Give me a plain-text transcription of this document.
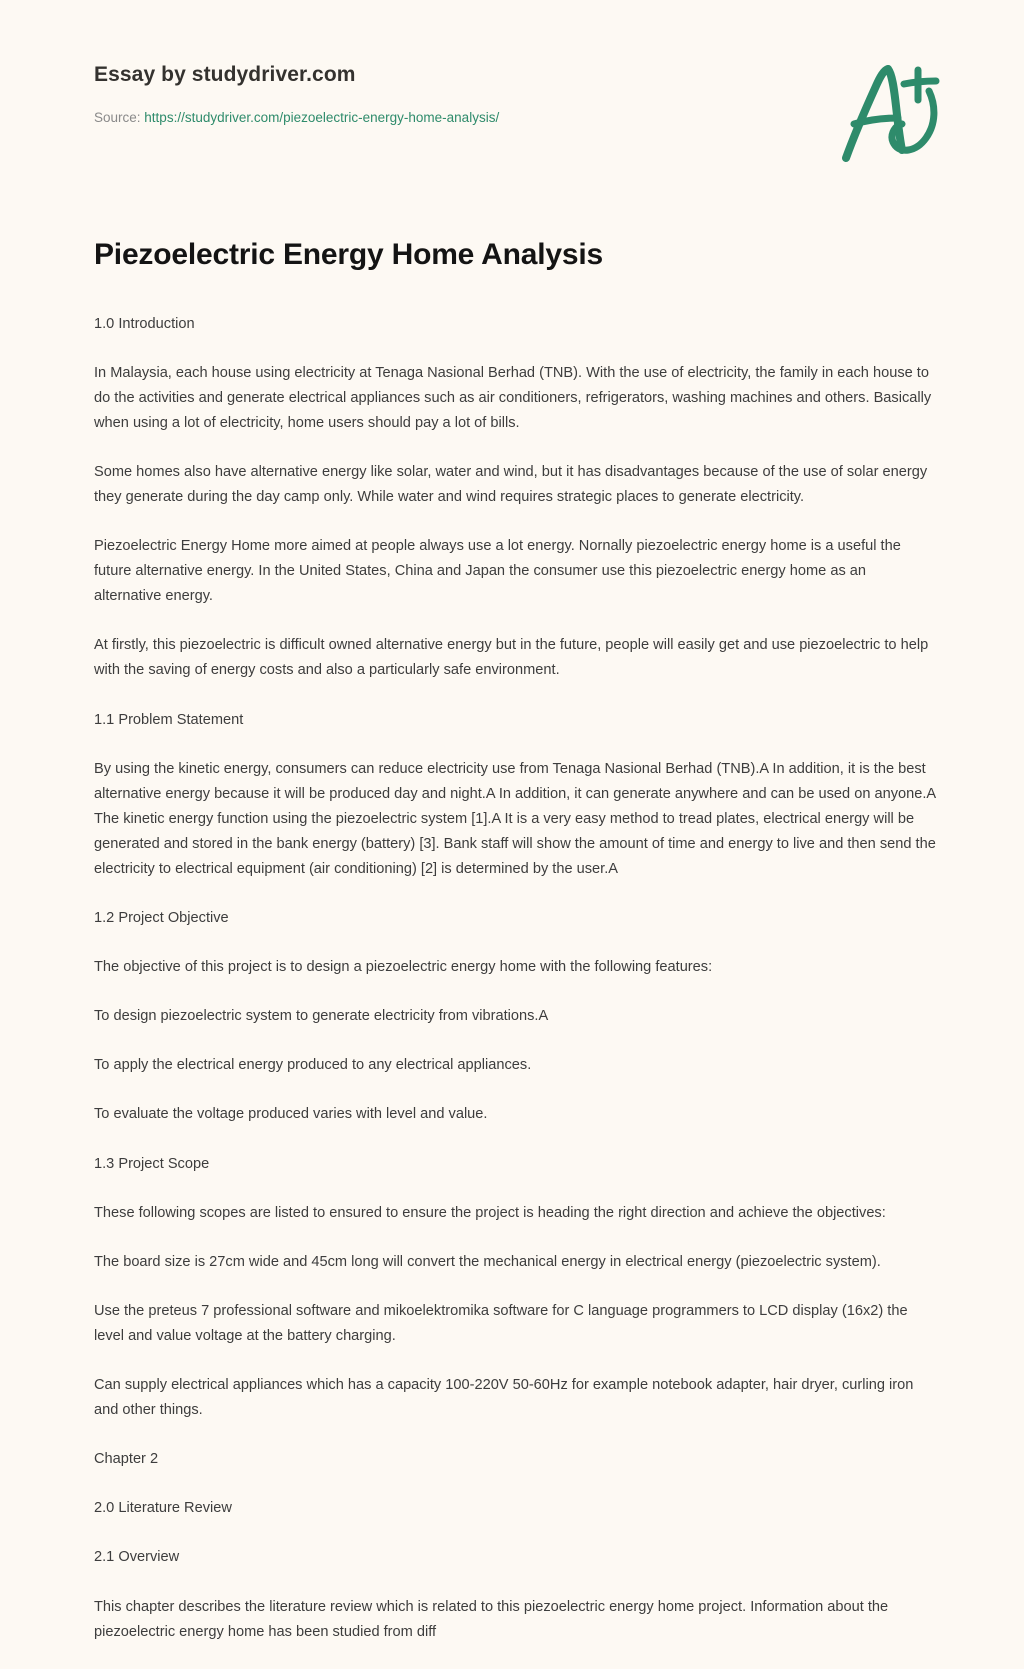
Essay by studydriver.com
Source: https://studydriver.com/piezoelectric-energy-home-analysis/
Piezoelectric Energy Home Analysis

1.0 Introduction

In Malaysia, each house using electricity at Tenaga Nasional Berhad (TNB). With the use of electricity, the family in each house to do the activities and generate electrical appliances such as air conditioners, refrigerators, washing machines and others. Basically when using a lot of electricity, home users should pay a lot of bills.

Some homes also have alternative energy like solar, water and wind, but it has disadvantages because of the use of solar energy they generate during the day camp only. While water and wind requires strategic places to generate electricity.

Piezoelectric Energy Home more aimed at people always use a lot energy. Nornally piezoelectric energy home is a useful the future alternative energy. In the United States, China and Japan the consumer use this piezoelectric energy home as an alternative energy.

At firstly, this piezoelectric is difficult owned alternative energy but in the future, people will easily get and use piezoelectric to help with the saving of energy costs and also a particularly safe environment.

1.1 Problem Statement

By using the kinetic energy, consumers can reduce electricity use from Tenaga Nasional Berhad (TNB).A In addition, it is the best alternative energy because it will be produced day and night.A In addition, it can generate anywhere and can be used on anyone.A The kinetic energy function using the piezoelectric system [1].A It is a very easy method to tread plates, electrical energy will be generated and stored in the bank energy (battery) [3]. Bank staff will show the amount of time and energy to live and then send the electricity to electrical equipment (air conditioning) [2] is determined by the user.A

1.2 Project Objective

The objective of this project is to design a piezoelectric energy home with the following features:

To design piezoelectric system to generate electricity from vibrations.A

To apply the electrical energy produced to any electrical appliances.

To evaluate the voltage produced varies with level and value.

1.3 Project Scope

These following scopes are listed to ensured to ensure the project is heading the right direction and achieve the objectives:

The board size is 27cm wide and 45cm long will convert the mechanical energy in electrical energy (piezoelectric system).

Use the preteus 7 professional software and mikoelektromika software for C language programmers to LCD display (16x2) the level and value voltage at the battery charging.

Can supply electrical appliances which has a capacity 100-220V 50-60Hz for example notebook adapter, hair dryer, curling iron and other things.

Chapter 2

2.0 Literature Review

2.1 Overview

This chapter describes the literature review which is related to this piezoelectric energy home project. Information about the piezoelectric energy home has been studied from diff
